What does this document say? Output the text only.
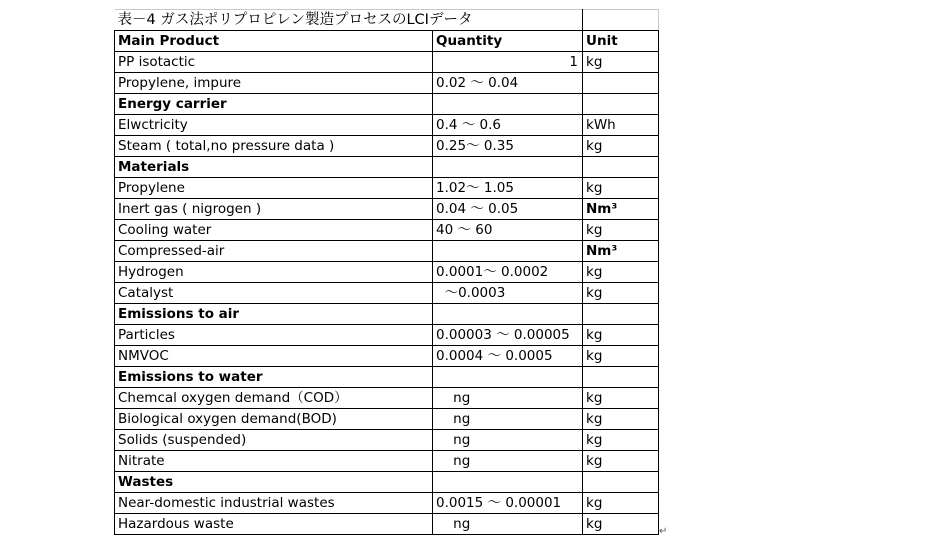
表－4 ガス法ポリプロピレン製造プロセスのLCIデータ		
Main Product	Quantity	Unit
PP isotactic	1	kg
Propylene, impure	0.02 ～ 0.04	
Energy carrier		
Elwctricity	0.4 ～ 0.6	kWh
Steam ( total,no pressure data )	0.25～ 0.35	kg
Materials		
Propylene	1.02～ 1.05	kg
Inert gas ( nigrogen )	0.04 ～ 0.05	Nm³
Cooling water	40 ～ 60	kg
Compressed-air		Nm³
Hydrogen	0.0001～ 0.0002	kg
Catalyst	～0.0003	kg
Emissions to air		
Particles	0.00003 ～ 0.00005	kg
NMVOC	0.0004 ～ 0.0005	kg
Emissions to water		
Chemcal oxygen demand（COD）	ng	kg
Biological oxygen demand(BOD)	ng	kg
Solids (suspended)	ng	kg
Nitrate	ng	kg
Wastes		
Near-domestic industrial wastes	0.0015 ～ 0.00001	kg
Hazardous waste	ng	kg	↵
